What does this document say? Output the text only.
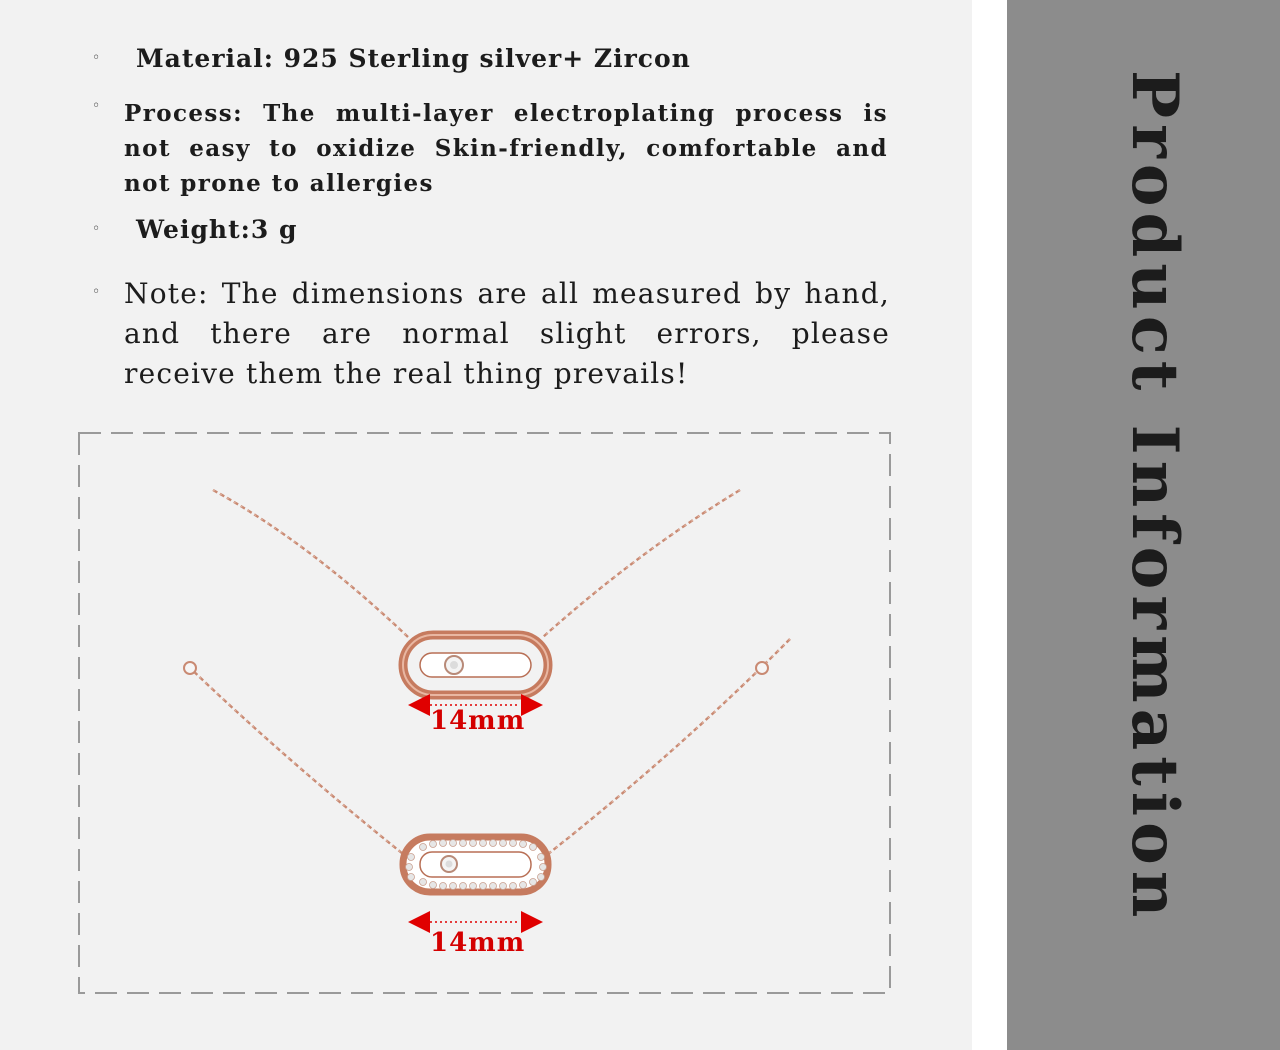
◦ Material: 925 Sterling silver+ Zircon
◦ Process: The multi-layer electroplating process is not easy to oxidize Skin-friendly, comfortable and not prone to allergies
◦ Weight:3 g
◦ Note: The dimensions are all measured by hand, and there are normal slight errors, please receive them the real thing prevails!
14mm
14mm
Product Information
